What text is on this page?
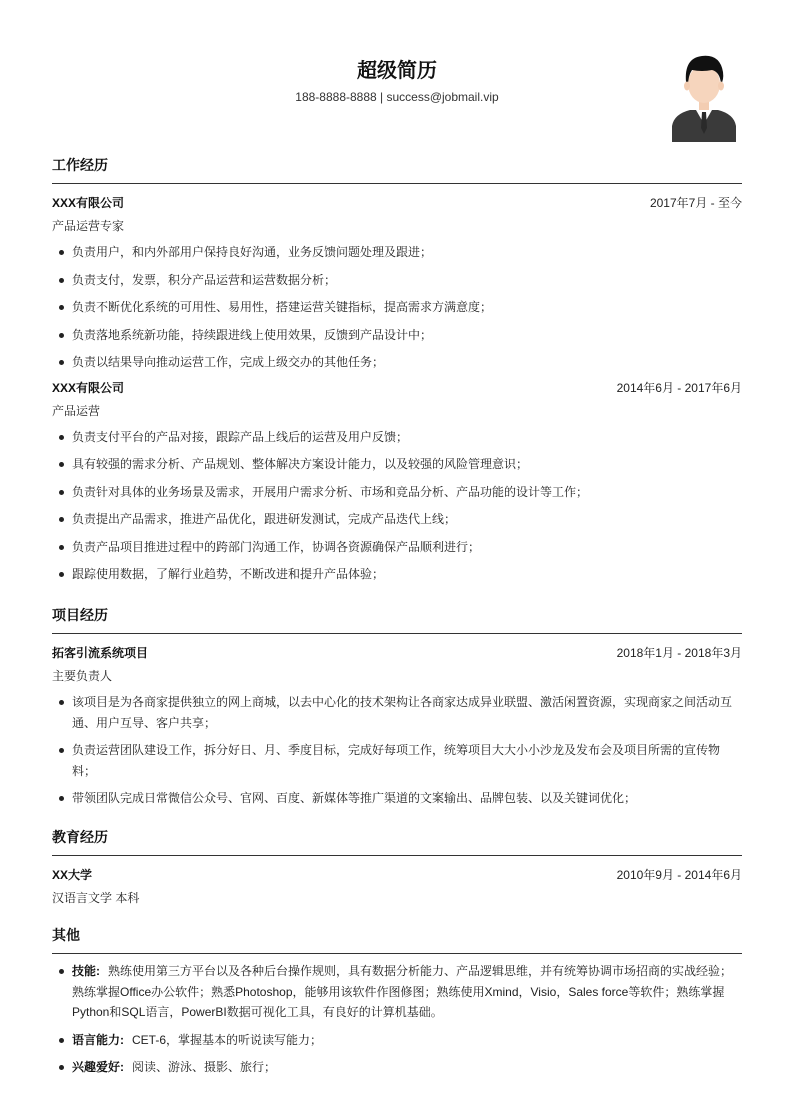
超级简历
188-8888-8888 | success@jobmail.vip
工作经历
XXX有限公司	2017年7月 - 至今
产品运营专家
负责用户，和内外部用户保持良好沟通，业务反馈问题处理及跟进；
负责支付，发票，积分产品运营和运营数据分析；
负责不断优化系统的可用性、易用性，搭建运营关键指标，提高需求方满意度；
负责落地系统新功能，持续跟进线上使用效果，反馈到产品设计中；
负责以结果导向推动运营工作，完成上级交办的其他任务；
XXX有限公司	2014年6月 - 2017年6月
产品运营
负责支付平台的产品对接，跟踪产品上线后的运营及用户反馈；
具有较强的需求分析、产品规划、整体解决方案设计能力，以及较强的风险管理意识；
负责针对具体的业务场景及需求，开展用户需求分析、市场和竞品分析、产品功能的设计等工作；
负责提出产品需求，推进产品优化，跟进研发测试，完成产品迭代上线；
负责产品项目推进过程中的跨部门沟通工作，协调各资源确保产品顺利进行；
跟踪使用数据，了解行业趋势，不断改进和提升产品体验；
项目经历
拓客引流系统项目	2018年1月 - 2018年3月
主要负责人
该项目是为各商家提供独立的网上商城，以去中心化的技术架构让各商家达成异业联盟、激活闲置资源，实现商家之间活动互通、用户互导、客户共享；
负责运营团队建设工作，拆分好日、月、季度目标，完成好每项工作，统筹项目大大小小沙龙及发布会及项目所需的宣传物料；
带领团队完成日常微信公众号、官网、百度、新媒体等推广渠道的文案输出、品牌包装、以及关键词优化；
教育经历
XX大学	2010年9月 - 2014年6月
汉语言文学 本科
其他
技能: 熟练使用第三方平台以及各种后台操作规则，具有数据分析能力、产品逻辑思维，并有统筹协调市场招商的实战经验；熟练掌握Office办公软件；熟悉Photoshop，能够用该软件作图修图；熟练使用Xmind，Visio，Sales force等软件；熟练掌握Python和SQL语言，PowerBI数据可视化工具，有良好的计算机基础。
语言能力: CET-6，掌握基本的听说读写能力；
兴趣爱好: 阅读、游泳、摄影、旅行；
